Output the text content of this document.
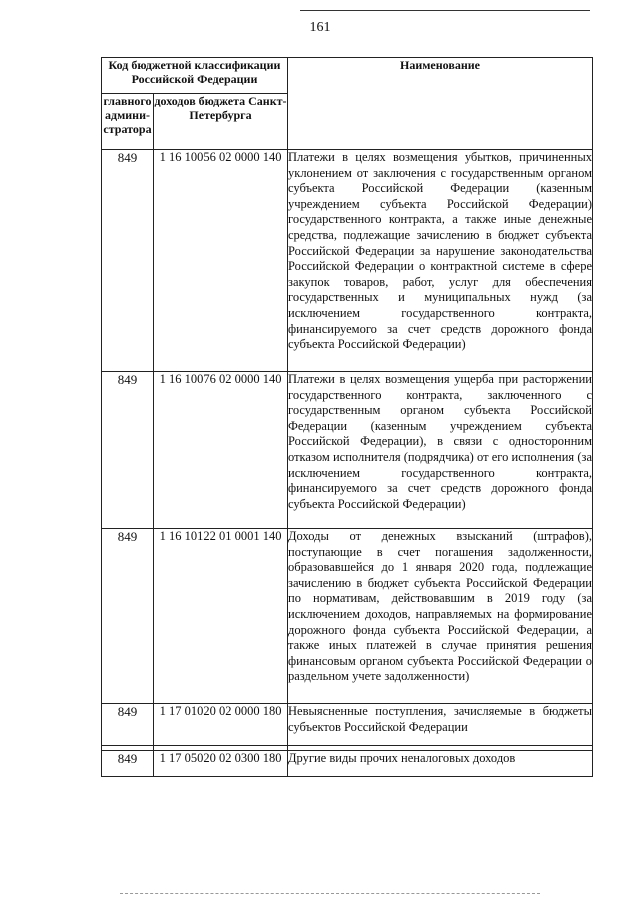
161
Код бюджетной классификации Российской Федерации		Наименование
главного админи-стратора	доходов бюджета Санкт-Петербурга	
849	1 16 10056 02 0000 140	Платежи в целях возмещения убытков, причиненных уклонением от заключения с государственным органом субъекта Российской Федерации (казенным учреждением субъекта Российской Федерации) государственного контракта, а также иные денежные средства, подлежащие зачислению в бюджет субъекта Российской Федерации за нарушение законодательства Российской Федерации о контрактной системе в сфере закупок товаров, работ, услуг для обеспечения государственных и муниципальных нужд (за исключением государственного контракта, финансируемого за счет средств дорожного фонда субъекта Российской Федерации)
849	1 16 10076 02 0000 140	Платежи в целях возмещения ущерба при расторжении государственного контракта, заключенного с государственным органом субъекта Российской Федерации (казенным учреждением субъекта Российской Федерации), в связи с односторонним отказом исполнителя (подрядчика) от его исполнения (за исключением государственного контракта, финансируемого за счет средств дорожного фонда субъекта Российской Федерации)
849	1 16 10122 01 0001 140	Доходы от денежных взысканий (штрафов), поступающие в счет погашения задолженности, образовавшейся до 1 января 2020 года, подлежащие зачислению в бюджет субъекта Российской Федерации по нормативам, действовавшим в 2019 году (за исключением доходов, направляемых на формирование дорожного фонда субъекта Российской Федерации, а также иных платежей в случае принятия решения финансовым органом субъекта Российской Федерации о раздельном учете задолженности)
849	1 17 01020 02 0000 180	Невыясненные поступления, зачисляемые в бюджеты субъектов Российской Федерации

849	1 17 05020 02 0300 180	Другие виды прочих неналоговых доходов
